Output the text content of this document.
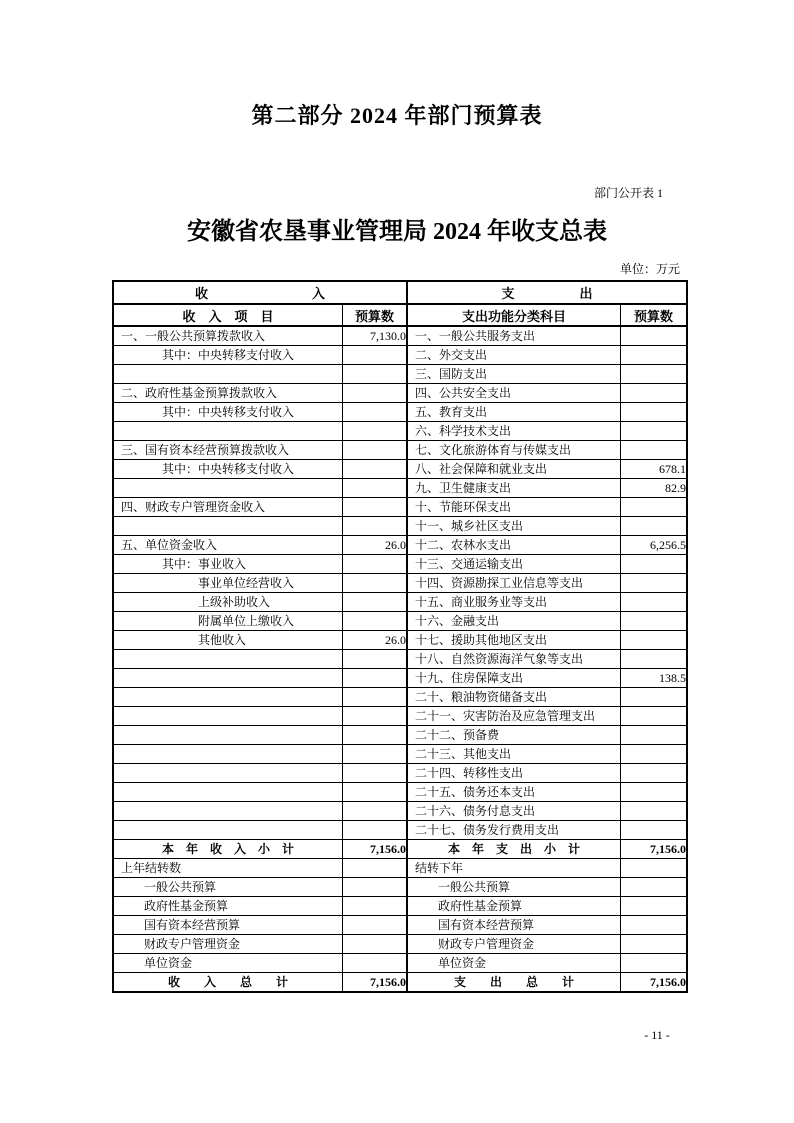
第二部分 2024 年部门预算表
部门公开表 1
安徽省农垦事业管理局 2024 年收支总表
单位：万元
收　　　　　　　　入		支　　　　　出	
收　入　项　目	预算数	支出功能分类科目	预算数
一、一般公共预算拨款收入	7,130.0	一、一般公共服务支出	
其中：中央转移支付收入		二、外交支出	
		三、国防支出	
二、政府性基金预算拨款收入		四、公共安全支出	
其中：中央转移支付收入		五、教育支出	
		六、科学技术支出	
三、国有资本经营预算拨款收入		七、文化旅游体育与传媒支出	
其中：中央转移支付收入		八、社会保障和就业支出	678.1
		九、卫生健康支出	82.9
四、财政专户管理资金收入		十、节能环保支出	
		十一、城乡社区支出	
五、单位资金收入	26.0	十二、农林水支出	6,256.5
其中：事业收入		十三、交通运输支出	
事业单位经营收入		十四、资源勘探工业信息等支出	
上级补助收入		十五、商业服务业等支出	
附属单位上缴收入		十六、金融支出	
其他收入	26.0	十七、援助其他地区支出	
		十八、自然资源海洋气象等支出	
		十九、住房保障支出	138.5
		二十、粮油物资储备支出	
		二十一、灾害防治及应急管理支出	
		二十二、预备费	
		二十三、其他支出	
		二十四、转移性支出	
		二十五、债务还本支出	
		二十六、债务付息支出	
		二十七、债务发行费用支出	
本　年　收　入　小　计	7,156.0	本　年　支　出　小　计	7,156.0
上年结转数		结转下年	
一般公共预算		一般公共预算	
政府性基金预算		政府性基金预算	
国有资本经营预算		国有资本经营预算	
财政专户管理资金		财政专户管理资金	
单位资金		单位资金	
收　　入　　总　　计	7,156.0	支　　出　　总　　计	7,156.0
- 11 -
